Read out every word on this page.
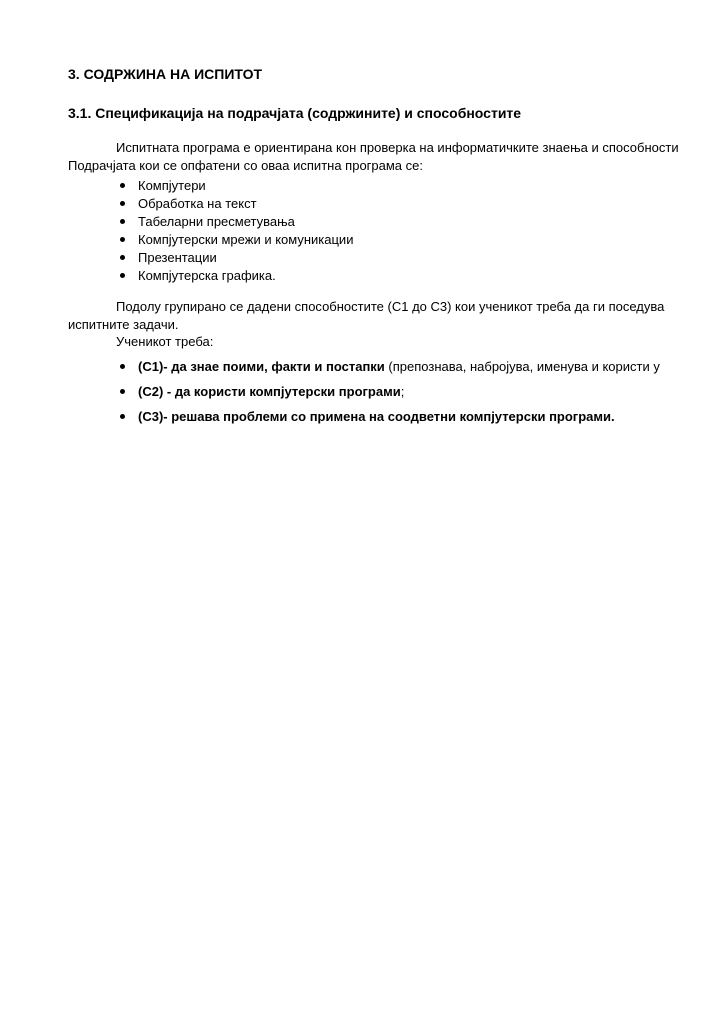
3. СОДРЖИНА НА ИСПИТОТ
3.1. Спецификација на подрачјата (содржините) и способностите
Испитната програма е ориентирана кон проверка на информатичките знаења и способности
Подрачјата кои се опфатени со оваа испитна програма се:
Компјутери
Обработка на текст
Табеларни пресметувања
Компјутерски мрежи и комуникации
Презентации
Компјутерска графика.
Подолу групирано се дадени способностите (С1 до С3) кои ученикот треба да ги поседува
испитните задачи.
Ученикот треба:
(С1)- да знае поими, факти и постапки (препознава, набројува, именува и користи у
(С2) - да користи компјутерски програми;
(С3)- решава проблеми со примена на соодветни компјутерски програми.
